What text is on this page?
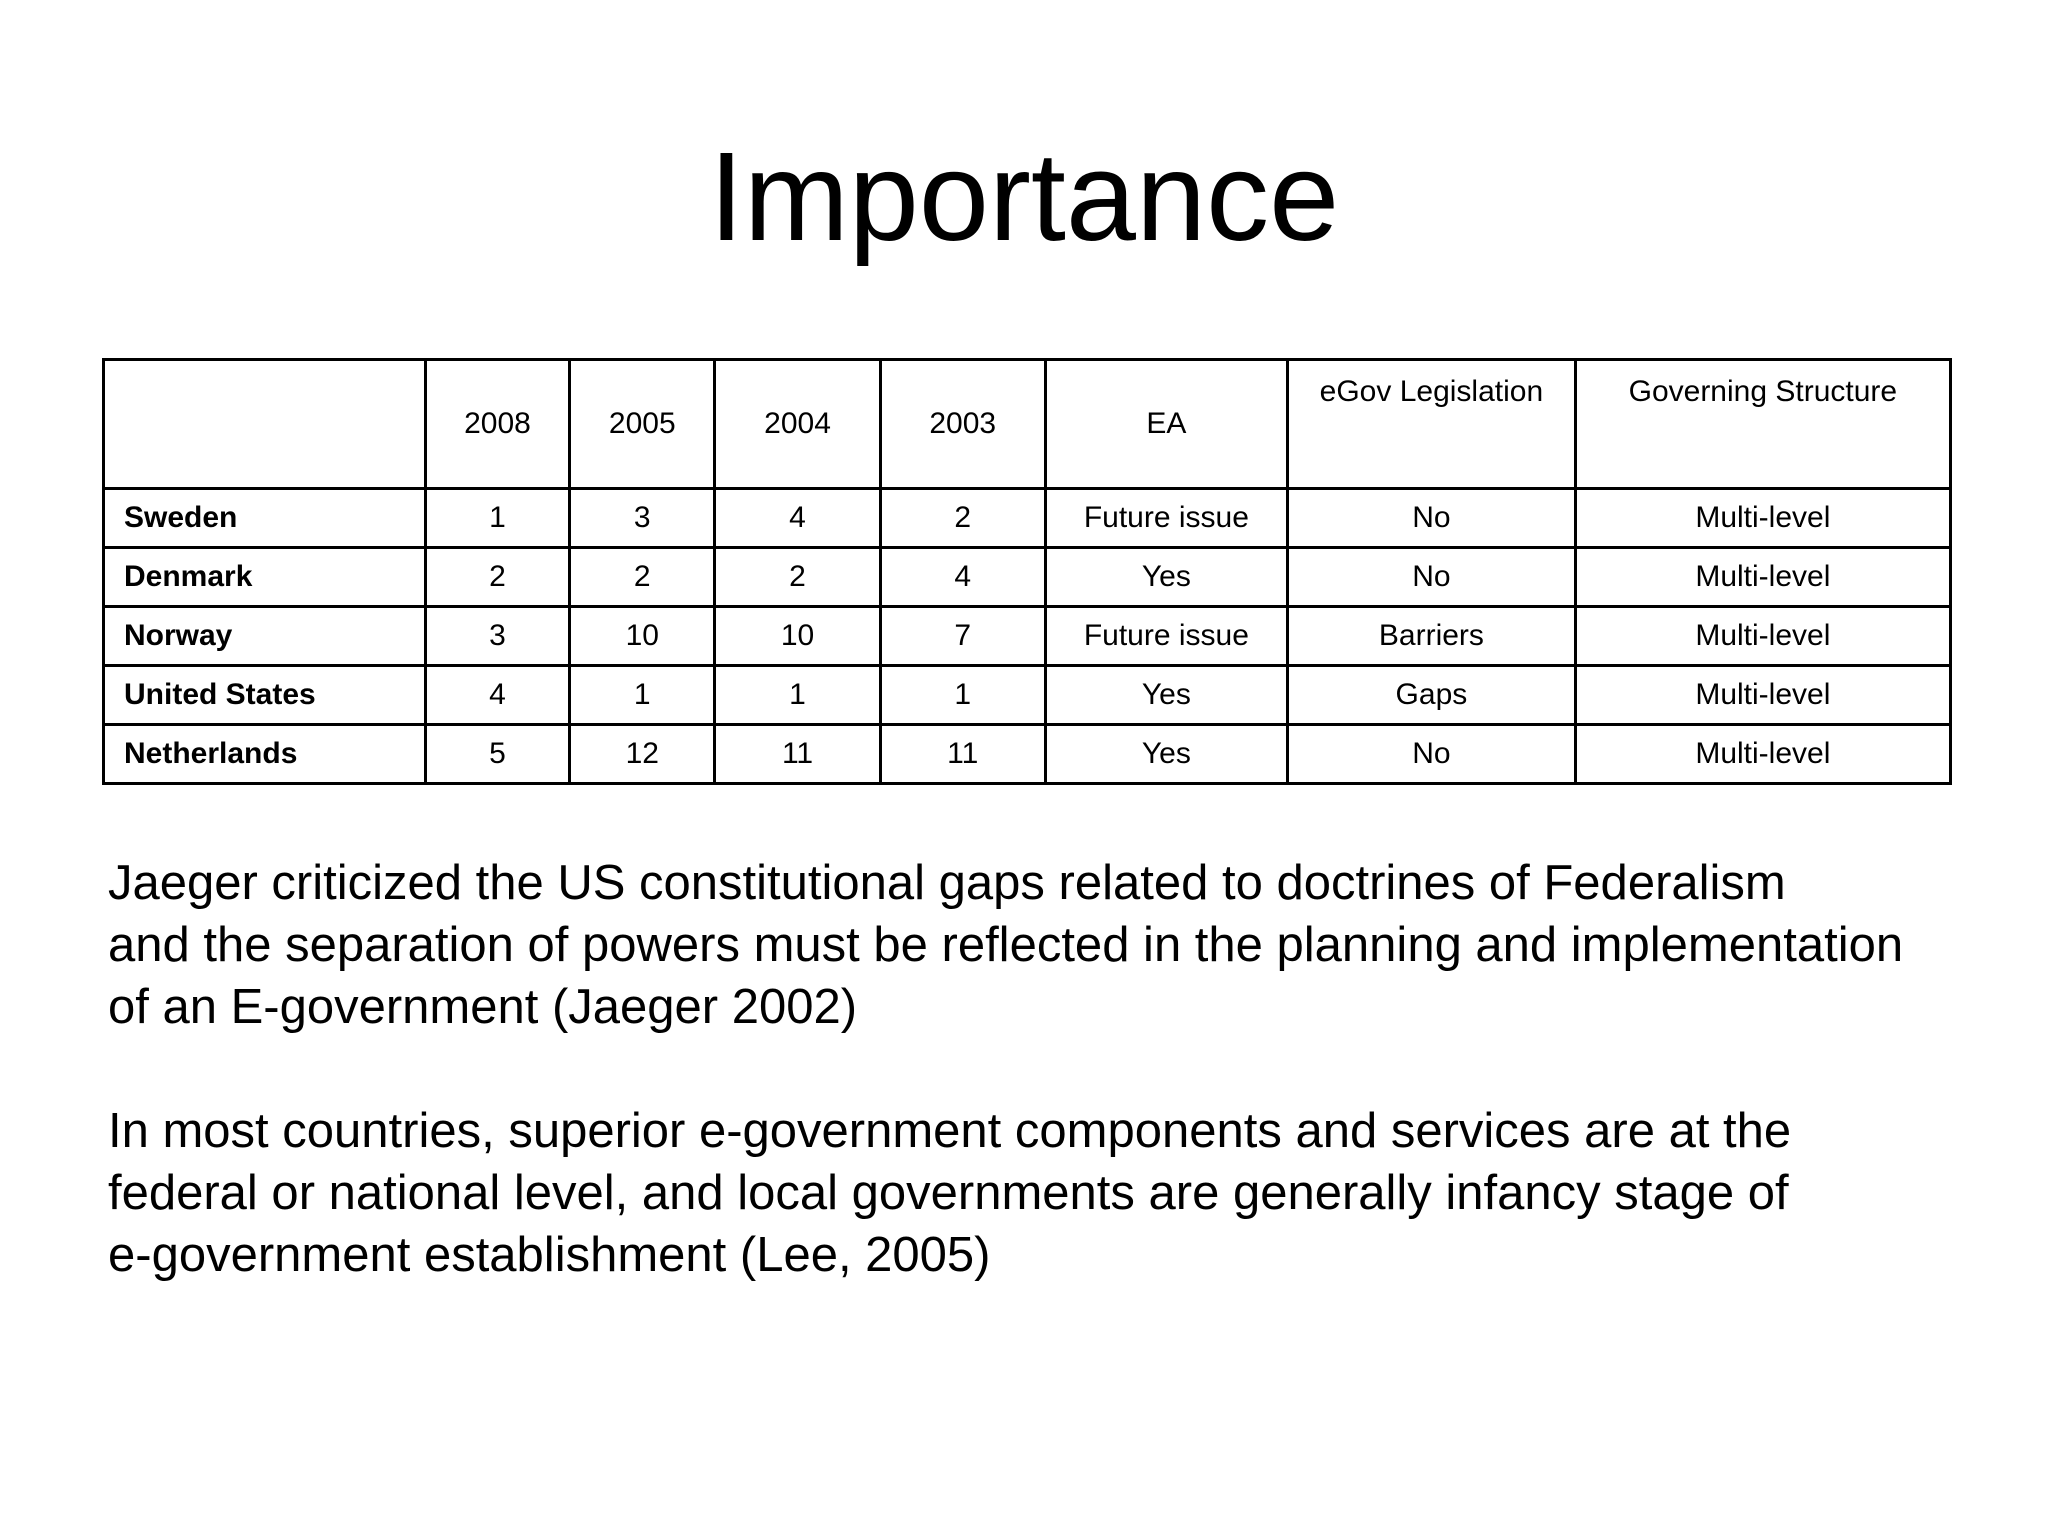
Importance
	2008	2005	2004	2003	EA	eGov Legislation	Governing Structure
Sweden	1	3	4	2	Future issue	No	Multi-level
Denmark	2	2	2	4	Yes	No	Multi-level
Norway	3	10	10	7	Future issue	Barriers	Multi-level
United States	4	1	1	1	Yes	Gaps	Multi-level
Netherlands	5	12	11	11	Yes	No	Multi-level

Jaeger criticized the US constitutional gaps related to doctrines of Federalism
and the separation of powers must be reflected in the planning and implementation
of an E-government (Jaeger 2002)

In most countries, superior e-government components and services are at the
federal or national level, and local governments are generally infancy stage of
e-government establishment (Lee, 2005)
